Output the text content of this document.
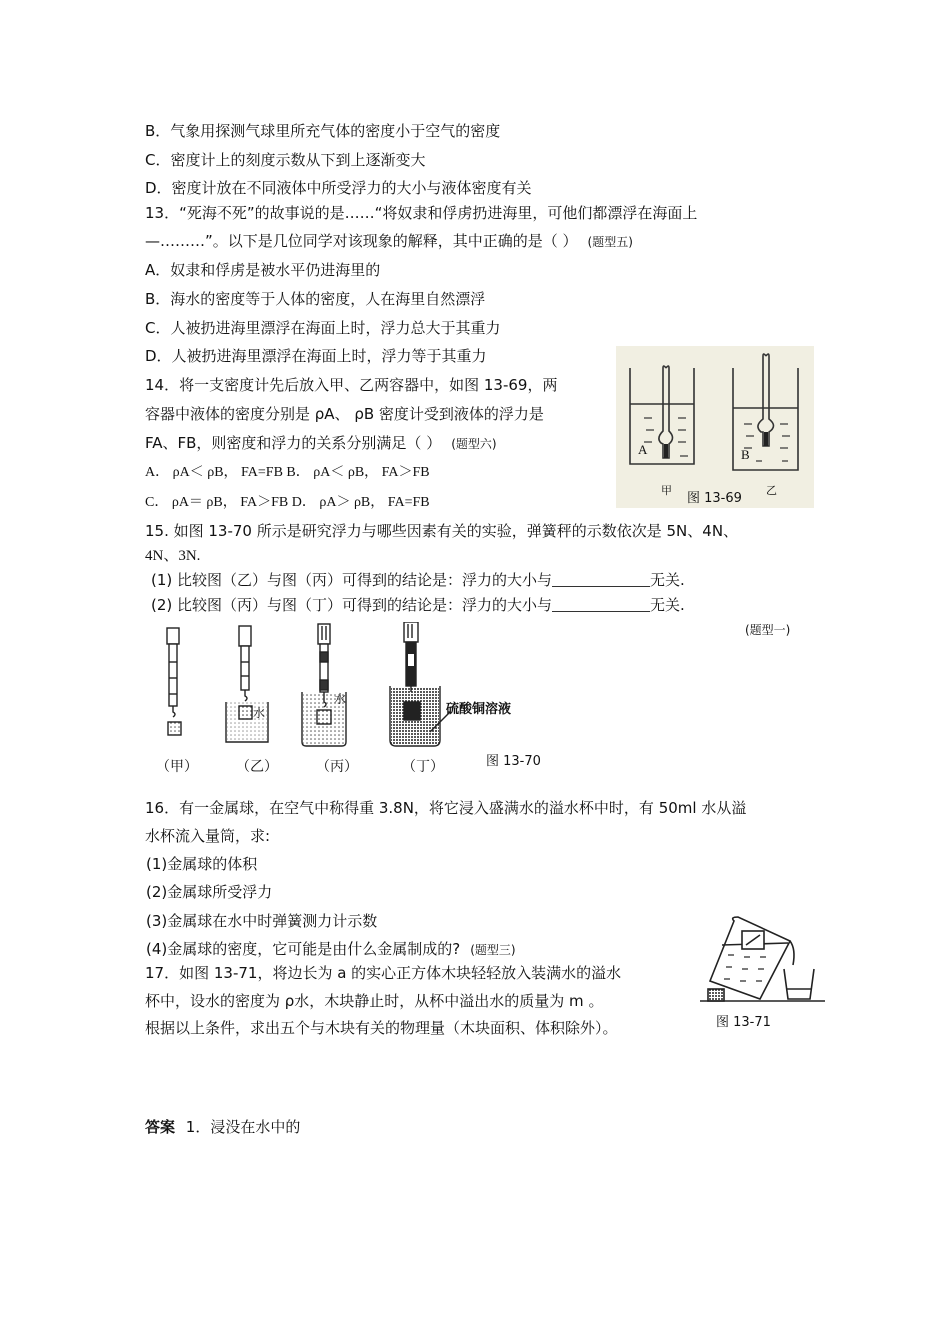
B．气象用探测气球里所充气体的密度小于空气的密度
C．密度计上的刻度示数从下到上逐渐变大
D．密度计放在不同液体中所受浮力的大小与液体密度有关
13．“死海不死”的故事说的是……“将奴隶和俘虏扔进海里，可他们都漂浮在海面上
—………”。以下是几位同学对该现象的解释，其中正确的是（ ） (题型五)
A．奴隶和俘虏是被水平仍进海里的
B．海水的密度等于人体的密度，人在海里自然漂浮
C．人被扔进海里漂浮在海面上时，浮力总大于其重力
D．人被扔进海里漂浮在海面上时，浮力等于其重力
14．将一支密度计先后放入甲、乙两容器中，如图 13-69，两
容器中液体的密度分别是 ρA、 ρB 密度计受到液体的浮力是
FA、FB，则密度和浮力的关系分别满足（ ） (题型六)
A． ρA＜ ρB， FA=FB B． ρA＜ ρB， FA＞FB
C． ρA＝ ρB， FA＞FB D． ρA＞ ρB， FA=FB
A	B
甲
图 13-69
乙
15. 如图 13-70 所示是研究浮力与哪些因素有关的实验，弹簧秤的示数依次是 5N、4N、
4N、3N.
(1) 比较图（乙）与图（丙）可得到的结论是：浮力的大小与	无关.
(2) 比较图（丙）与图（丁）可得到的结论是：浮力的大小与	无关.
(题型一)
水
水
硫酸铜溶液
（甲）	（乙）	（丙）	（丁）	图 13-70
16．有一金属球，在空气中称得重 3.8N，将它浸入盛满水的溢水杯中时，有 50ml 水从溢
水杯流入量筒，求:
(1)金属球的体积
(2)金属球所受浮力
(3)金属球在水中时弹簧测力计示数
(4)金属球的密度，它可能是由什么金属制成的? (题型三)
17．如图 13-71，将边长为 a 的实心正方体木块轻轻放入装满水的溢水
杯中，设水的密度为 ρ水，木块静止时，从杯中溢出水的质量为 m 。
根据以上条件，求出五个与木块有关的物理量（木块面积、体积除外）。	图 13-71
答案 1．浸没在水中的
